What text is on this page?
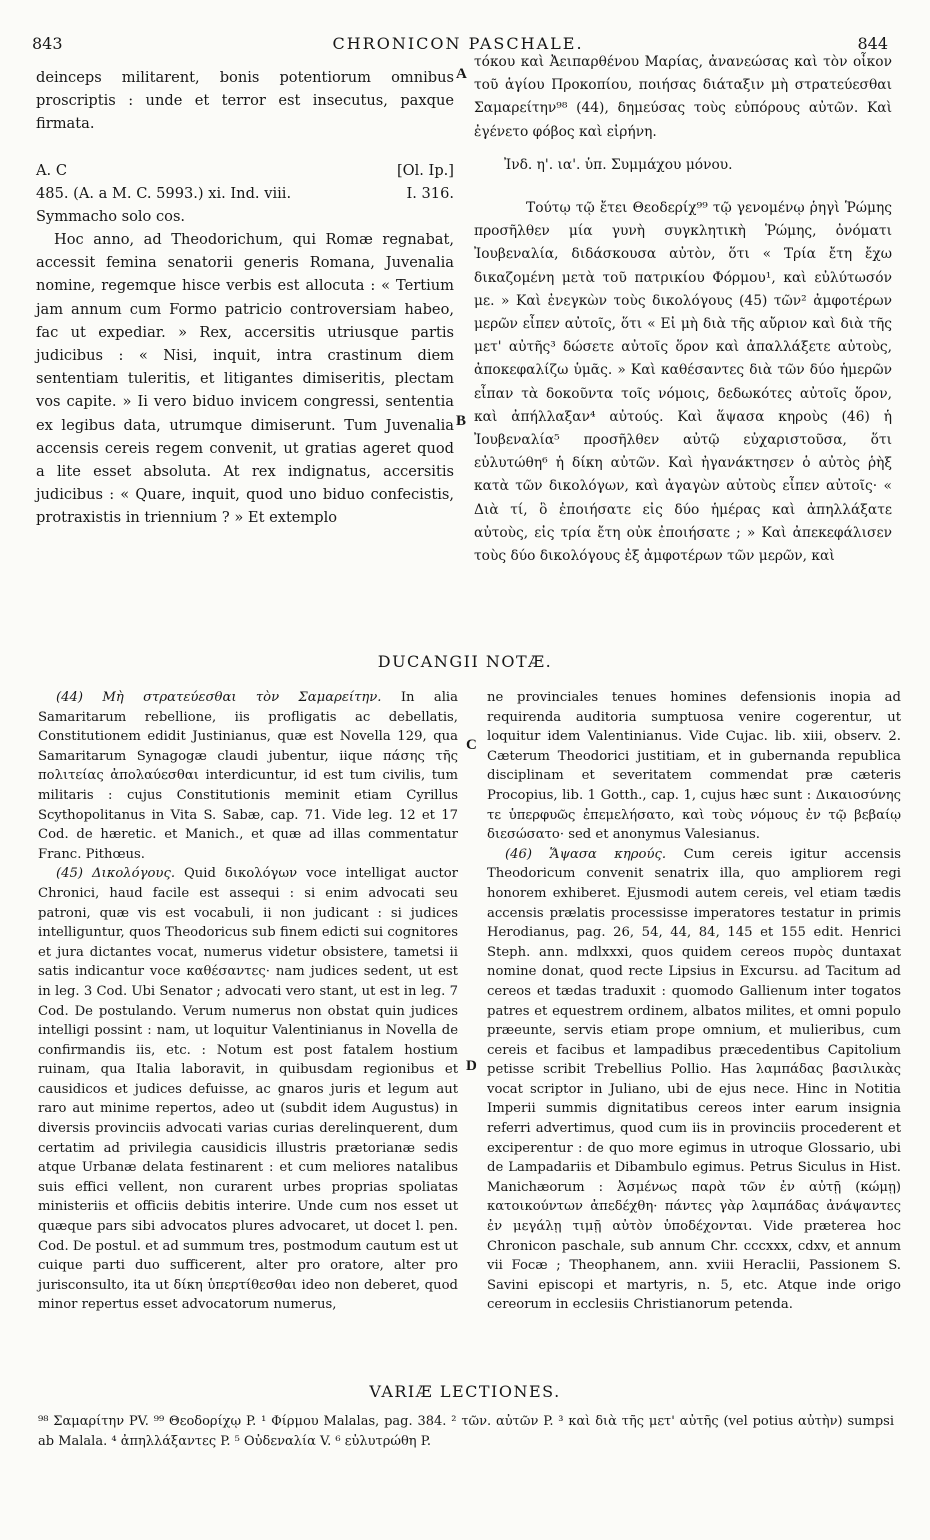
843	CHRONICON PASCHALE.	844

deinceps militarent, bonis potentiorum omnibus proscriptis : unde et terror est insecutus, paxque firmata.

A. C	[Ol. Ip.]
485. (A. a M. C. 5993.) xi. Ind. viii.	I. 316.

Symmacho solo cos.

Hoc anno, ad Theodorichum, qui Romæ regnabat, accessit femina senatorii generis Romana, Juvenalia nomine, regemque hisce verbis est allocuta : « Tertium jam annum cum Formo patricio controversiam habeo, fac ut expediar. » Rex, accersitis utriusque partis judicibus : « Nisi, inquit, intra crastinum diem sententiam tuleritis, et litigantes dimiseritis, plectam vos capite. » Ii vero biduo invicem congressi, sententia ex legibus data, utrumque dimiserunt. Tum Juvenalia accensis cereis regem convenit, ut gratias ageret quod a lite esset absoluta. At rex indignatus, accersitis judicibus : « Quare, inquit, quod uno biduo confecistis, protraxistis in triennium ? » Et extemplo

A
B
C
D

τόκου καὶ Ἀειπαρθένου Μαρίας, ἀνανεώσας καὶ τὸν οἶκον τοῦ ἁγίου Προκοπίου, ποιήσας διάταξιν μὴ στρατεύεσθαι Σαμαρείτην⁹⁸ (44), δημεύσας τοὺς εὐπόρους αὐτῶν. Καὶ ἐγένετο φόβος καὶ εἰρήνη.

Ἰνδ. η'. ια'. ὑπ. Συμμάχου μόνου.

Τούτῳ τῷ ἔτει Θεοδερίχ⁹⁹ τῷ γενομένῳ ῥηγὶ Ῥώμης προσῆλθεν μία γυνὴ συγκλητικὴ Ῥώμης, ὀνόματι Ἰουβεναλία, διδάσκουσα αὐτὸν, ὅτι « Τρία ἔτη ἔχω δικαζομένη μετὰ τοῦ πατρικίου Φόρμου¹, καὶ εὐλύτωσόν με. » Καὶ ἐνεγκὼν τοὺς δικολόγους (45) τῶν² ἀμφοτέρων μερῶν εἶπεν αὐτοῖς, ὅτι « Εἰ μὴ διὰ τῆς αὔριον καὶ διὰ τῆς μετ' αὐτῆς³ δώσετε αὐτοῖς ὅρον καὶ ἀπαλλάξετε αὐτοὺς, ἀποκεφαλίζω ὑμᾶς. » Καὶ καθέσαντες διὰ τῶν δύο ἡμερῶν εἶπαν τὰ δοκοῦντα τοῖς νόμοις, δεδωκότες αὐτοῖς ὅρον, καὶ ἀπήλλαξαν⁴ αὐτούς. Καὶ ἅψασα κηροὺς (46) ἡ Ἰουβεναλία⁵ προσῆλθεν αὐτῷ εὐχαριστοῦσα, ὅτι εὐλυτώθη⁶ ἡ δίκη αὐτῶν. Καὶ ἠγανάκτησεν ὁ αὐτὸς ῥὴξ κατὰ τῶν δικολόγων, καὶ ἀγαγὼν αὐτοὺς εἶπεν αὐτοῖς· « Διὰ τί, ὃ ἐποιήσατε εἰς δύο ἡμέρας καὶ ἀπηλλάξατε αὐτοὺς, εἰς τρία ἔτη οὐκ ἐποιήσατε ; » Καὶ ἀπεκεφάλισεν τοὺς δύο δικολόγους ἐξ ἀμφοτέρων τῶν μερῶν, καὶ

DUCANGII NOTÆ.

(44) Μὴ στρατεύεσθαι τὸν Σαμαρείτην. In alia Samaritarum rebellione, iis profligatis ac debellatis, Constitutionem edidit Justinianus, quæ est Novella 129, qua Samaritarum Synagogæ claudi jubentur, iique πάσης τῆς πολιτείας ἀπολαύεσθαι interdicuntur, id est tum civilis, tum militaris : cujus Constitutionis meminit etiam Cyrillus Scythopolitanus in Vita S. Sabæ, cap. 71. Vide leg. 12 et 17 Cod. de hæretic. et Manich., et quæ ad illas commentatur Franc. Pithœus.

(45) Δικολόγους. Quid δικολόγων voce intelligat auctor Chronici, haud facile est assequi : si enim advocati seu patroni, quæ vis est vocabuli, ii non judicant : si judices intelliguntur, quos Theodoricus sub finem edicti sui cognitores et jura dictantes vocat, numerus videtur obsistere, tametsi ii satis indicantur voce καθέσαντες· nam judices sedent, ut est in leg. 3 Cod. Ubi Senator ; advocati vero stant, ut est in leg. 7 Cod. De postulando. Verum numerus non obstat quin judices intelligi possint : nam, ut loquitur Valentinianus in Novella de confirmandis iis, etc. : Notum est post fatalem hostium ruinam, qua Italia laboravit, in quibusdam regionibus et causidicos et judices defuisse, ac gnaros juris et legum aut raro aut minime repertos, adeo ut (subdit idem Augustus) in diversis provinciis advocati varias curias derelinquerent, dum certatim ad privilegia causidicis illustris prætorianæ sedis atque Urbanæ delata festinarent : et cum meliores natalibus suis effici vellent, non curarent urbes proprias spoliatas ministeriis et officiis debitis interire. Unde cum nos esset ut quæque pars sibi advocatos plures advocaret, ut docet l. pen. Cod. De postul. et ad summum tres, postmodum cautum est ut cuique parti duo sufficerent, alter pro oratore, alter pro jurisconsulto, ita ut δίκη ὑπερτίθεσθαι ideo non deberet, quod minor repertus esset advocatorum numerus,

ne provinciales tenues homines defensionis inopia ad requirenda auditoria sumptuosa venire cogerentur, ut loquitur idem Valentinianus. Vide Cujac. lib. xiii, observ. 2. Cæterum Theodorici justitiam, et in gubernanda republica disciplinam et severitatem commendat præ cæteris Procopius, lib. 1 Gotth., cap. 1, cujus hæc sunt : Δικαιοσύνης τε ὑπερφυῶς ἐπεμελήσατο, καὶ τοὺς νόμους ἐν τῷ βεβαίῳ διεσώσατο· sed et anonymus Valesianus.

(46) Ἅψασα κηρούς. Cum cereis igitur accensis Theodoricum convenit senatrix illa, quo ampliorem regi honorem exhiberet. Ejusmodi autem cereis, vel etiam tædis accensis prælatis processisse imperatores testatur in primis Herodianus, pag. 26, 54, 44, 84, 145 et 155 edit. Henrici Steph. ann. mdlxxxi, quos quidem cereos πυρὸς duntaxat nomine donat, quod recte Lipsius in Excursu. ad Tacitum ad cereos et tædas traduxit : quomodo Gallienum inter togatos patres et equestrem ordinem, albatos milites, et omni populo præeunte, servis etiam prope omnium, et mulieribus, cum cereis et facibus et lampadibus præcedentibus Capitolium petisse scribit Trebellius Pollio. Has λαμπάδας βασιλικὰς vocat scriptor in Juliano, ubi de ejus nece. Hinc in Notitia Imperii summis dignitatibus cereos inter earum insignia referri advertimus, quod cum iis in provinciis procederent et exciperentur : de quo more egimus in utroque Glossario, ubi de Lampadariis et Dibambulo egimus. Petrus Siculus in Hist. Manichæorum : Ἀσμένως παρὰ τῶν ἐν αὐτῇ (κώμῃ) κατοικούντων ἀπεδέχθη· πάντες γὰρ λαμπάδας ἀνάψαντες ἐν μεγάλῃ τιμῇ αὐτὸν ὑποδέχονται. Vide præterea hoc Chronicon paschale, sub annum Chr. cccxxx, cdxv, et annum vii Focæ ; Theophanem, ann. xviii Heraclii, Passionem S. Savini episcopi et martyris, n. 5, etc. Atque inde origo cereorum in ecclesiis Christianorum petenda.

VARIÆ LECTIONES.
⁹⁸ Σαμαρίτην PV. ⁹⁹ Θεοδορίχῳ P. ¹ Φίρμου Malalas, pag. 384. ² τῶν. αὐτῶν P. ³ καὶ διὰ τῆς μετ' αὐτῆς (vel potius αὐτὴν) sumpsi ab Malala. ⁴ ἀπηλλάξαντες P. ⁵ Οὐδεναλία V. ⁶ εὐλυτρώθη P.
